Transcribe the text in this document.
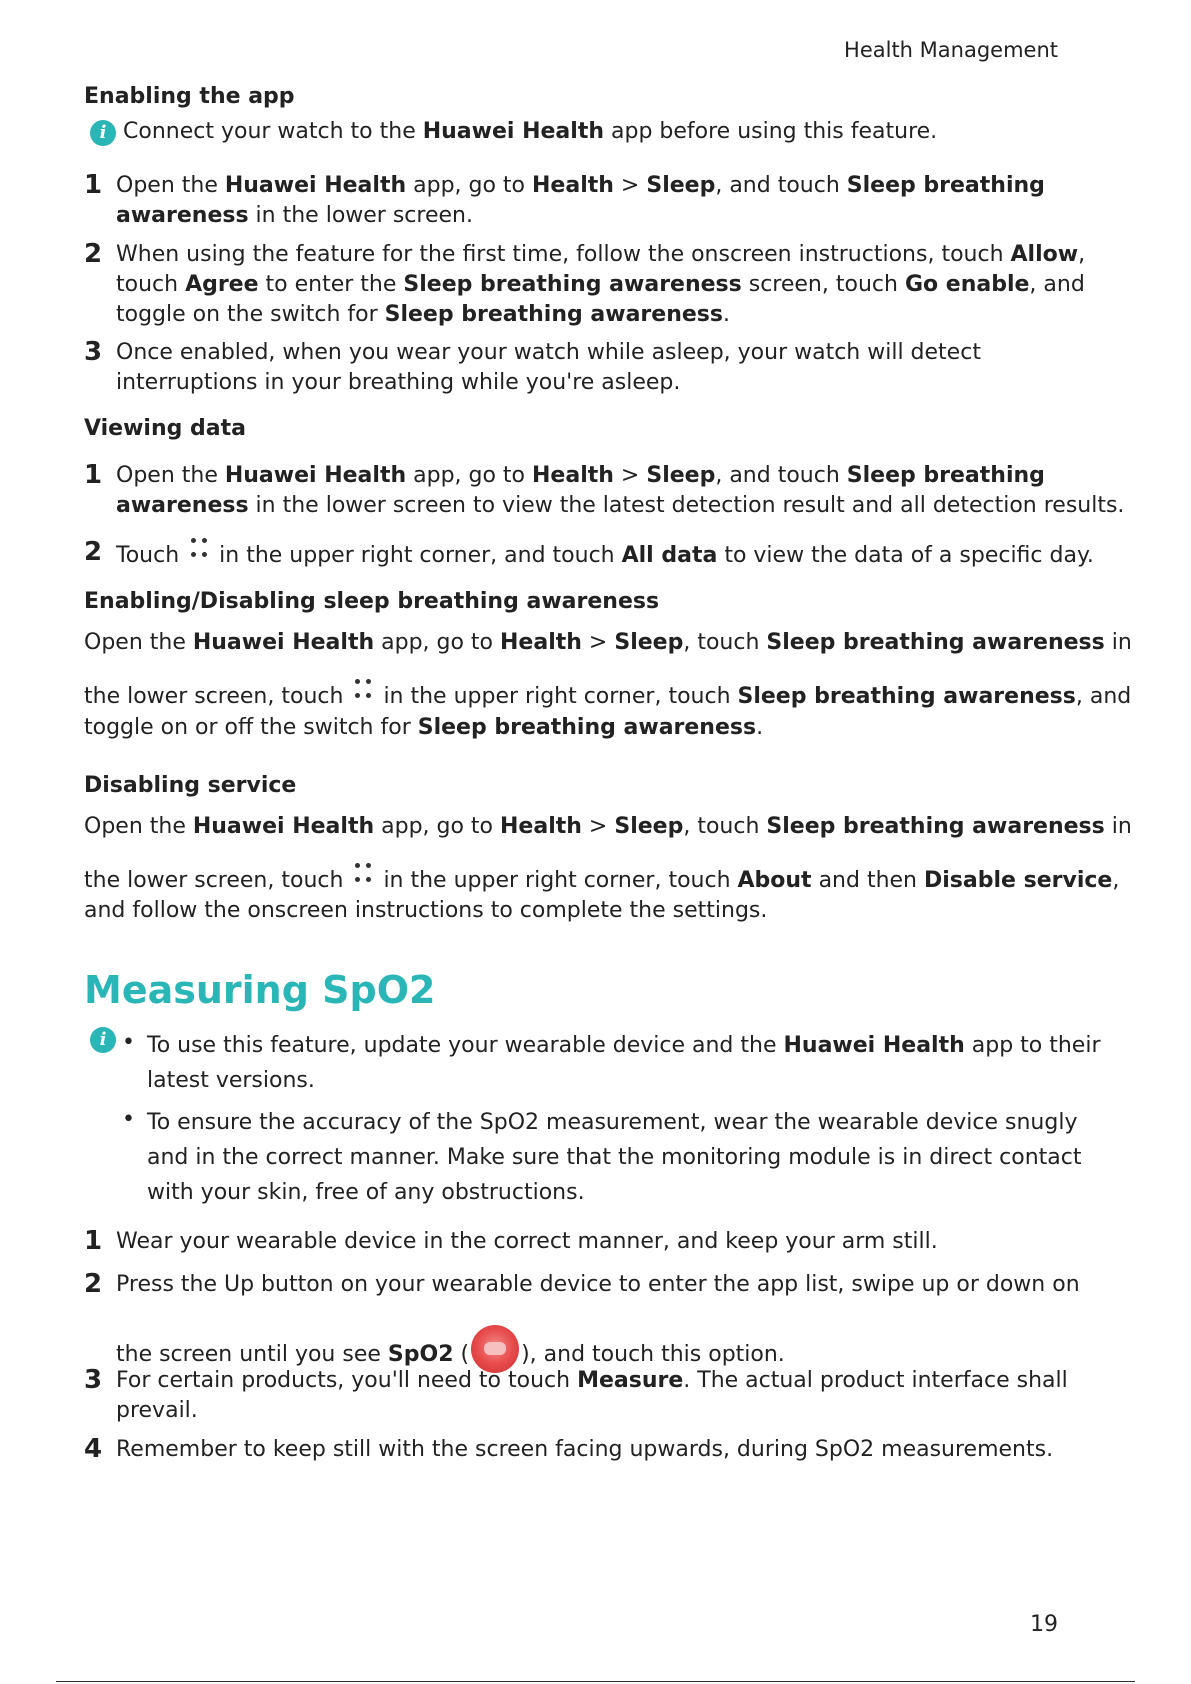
Health Management
Enabling the app
i Connect your watch to the Huawei Health app before using this feature.
1 Open the Huawei Health app, go to Health > Sleep, and touch Sleep breathing
awareness in the lower screen.
2 When using the feature for the first time, follow the onscreen instructions, touch Allow,
touch Agree to enter the Sleep breathing awareness screen, touch Go enable, and
toggle on the switch for Sleep breathing awareness.
3 Once enabled, when you wear your watch while asleep, your watch will detect
interruptions in your breathing while you're asleep.
Viewing data
1 Open the Huawei Health app, go to Health > Sleep, and touch Sleep breathing
awareness in the lower screen to view the latest detection result and all detection results.
2 Touch in the upper right corner, and touch All data to view the data of a specific day.
Enabling/Disabling sleep breathing awareness
Open the Huawei Health app, go to Health > Sleep, touch Sleep breathing awareness in
the lower screen, touch in the upper right corner, touch Sleep breathing awareness, and
toggle on or off the switch for Sleep breathing awareness.
Disabling service
Open the Huawei Health app, go to Health > Sleep, touch Sleep breathing awareness in
the lower screen, touch in the upper right corner, touch About and then Disable service,
and follow the onscreen instructions to complete the settings.
Measuring SpO2
i • To use this feature, update your wearable device and the Huawei Health app to their
latest versions.
• To ensure the accuracy of the SpO2 measurement, wear the wearable device snugly
and in the correct manner. Make sure that the monitoring module is in direct contact
with your skin, free of any obstructions.
1 Wear your wearable device in the correct manner, and keep your arm still.
2 Press the Up button on your wearable device to enter the app list, swipe up or down on
the screen until you see SpO2 ( ), and touch this option.
3 For certain products, you'll need to touch Measure. The actual product interface shall
prevail.
4 Remember to keep still with the screen facing upwards, during SpO2 measurements.
19
